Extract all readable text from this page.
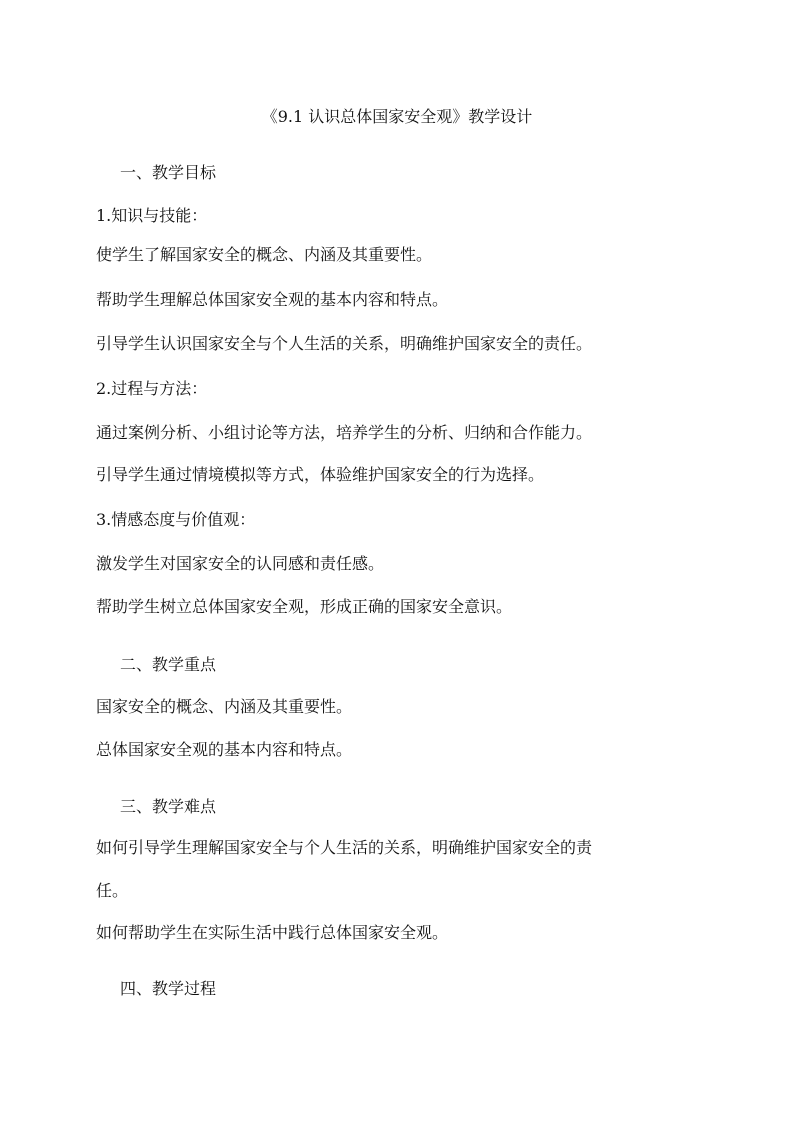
《9.1 认识总体国家安全观》教学设计
一、教学目标
1.知识与技能：
使学生了解国家安全的概念、内涵及其重要性。
帮助学生理解总体国家安全观的基本内容和特点。
引导学生认识国家安全与个人生活的关系，明确维护国家安全的责任。
2.过程与方法：
通过案例分析、小组讨论等方法，培养学生的分析、归纳和合作能力。
引导学生通过情境模拟等方式，体验维护国家安全的行为选择。
3.情感态度与价值观：
激发学生对国家安全的认同感和责任感。
帮助学生树立总体国家安全观，形成正确的国家安全意识。
二、教学重点
国家安全的概念、内涵及其重要性。
总体国家安全观的基本内容和特点。
三、教学难点
如何引导学生理解国家安全与个人生活的关系，明确维护国家安全的责
任。
如何帮助学生在实际生活中践行总体国家安全观。
四、教学过程
